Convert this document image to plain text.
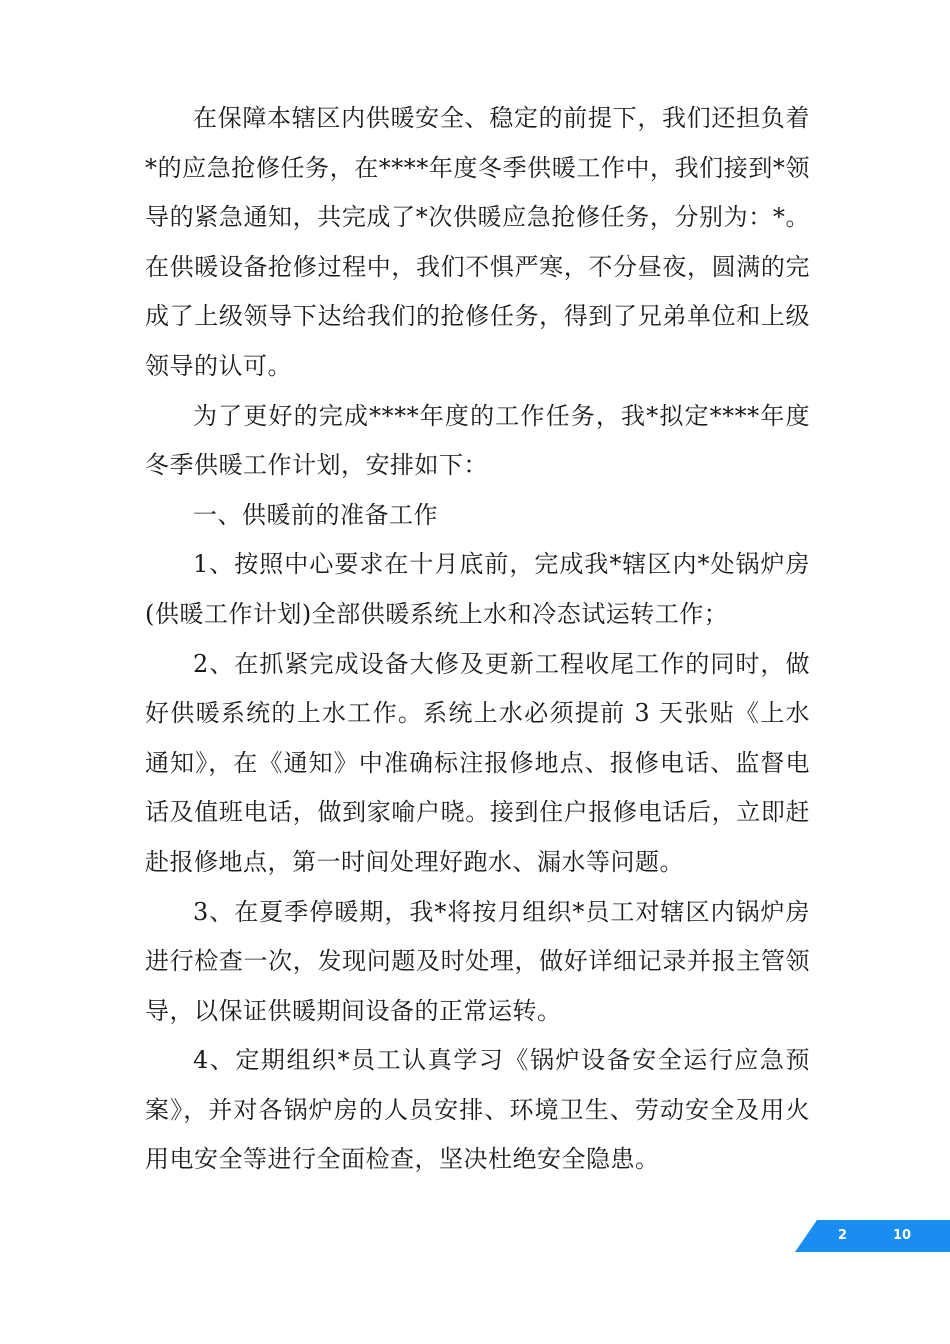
在保障本辖区内供暖安全、稳定的前提下，我们还担负着*的应急抢修任务，在****年度冬季供暖工作中，我们接到*领导的紧急通知，共完成了*次供暖应急抢修任务，分别为：*。在供暖设备抢修过程中，我们不惧严寒，不分昼夜，圆满的完成了上级领导下达给我们的抢修任务，得到了兄弟单位和上级领导的认可。

为了更好的完成****年度的工作任务，我*拟定****年度冬季供暖工作计划，安排如下：

一、供暖前的准备工作

1、按照中心要求在十月底前，完成我*辖区内*处锅炉房(供暖工作计划)全部供暖系统上水和冷态试运转工作；

2、在抓紧完成设备大修及更新工程收尾工作的同时，做好供暖系统的上水工作。系统上水必须提前 3 天张贴《上水通知》，在《通知》中准确标注报修地点、报修电话、监督电话及值班电话，做到家喻户晓。接到住户报修电话后，立即赶赴报修地点，第一时间处理好跑水、漏水等问题。

3、在夏季停暖期，我*将按月组织*员工对辖区内锅炉房进行检查一次，发现问题及时处理，做好详细记录并报主管领导，以保证供暖期间设备的正常运转。

4、定期组织*员工认真学习《锅炉设备安全运行应急预案》，并对各锅炉房的人员安排、环境卫生、劳动安全及用火用电安全等进行全面检查，坚决杜绝安全隐患。

2	10
